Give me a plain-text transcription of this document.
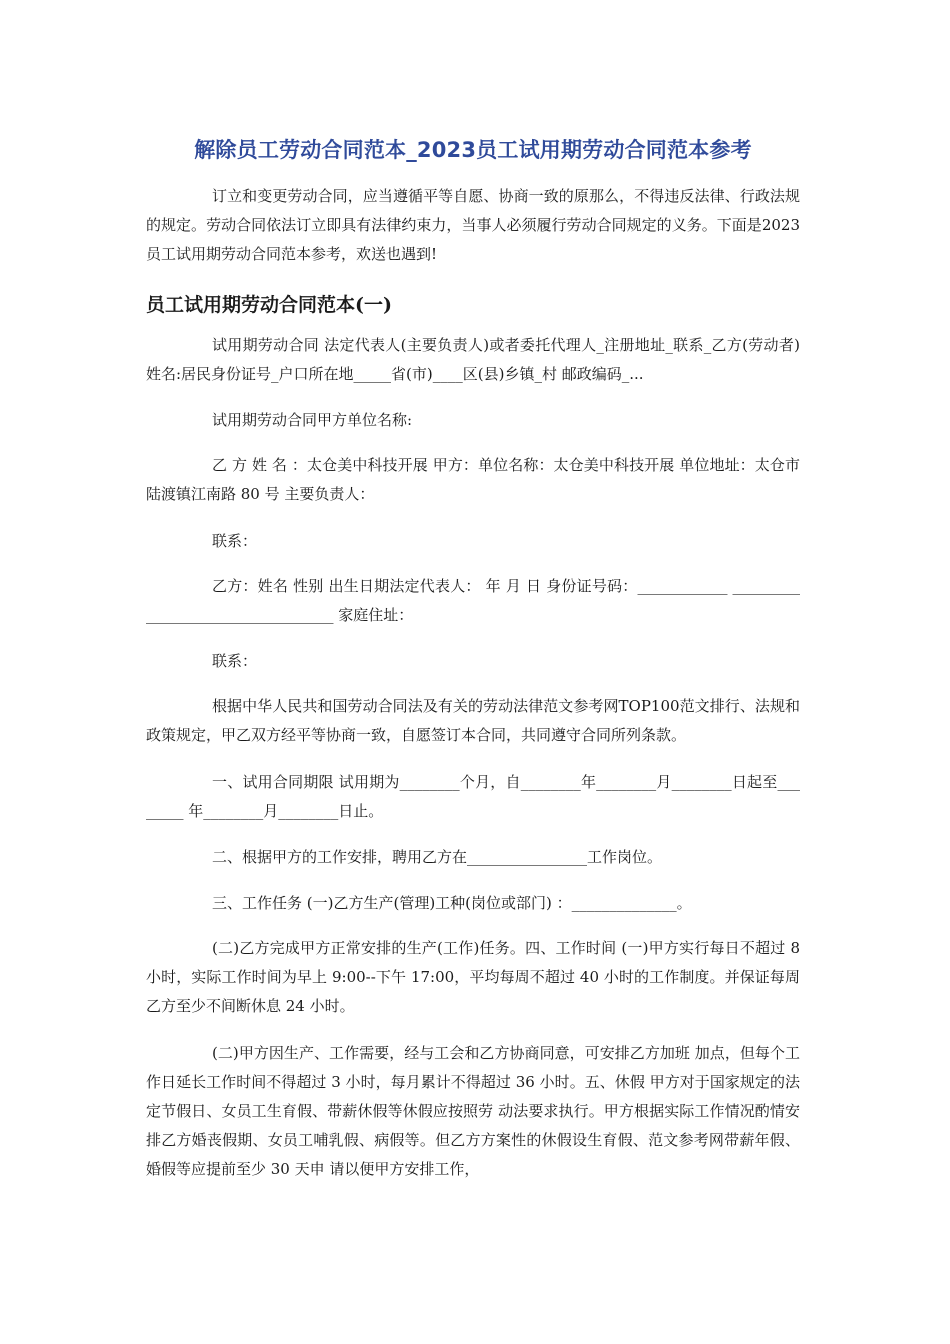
解除员工劳动合同范本_2023员工试用期劳动合同范本参考

订立和变更劳动合同，应当遵循平等自愿、协商一致的原那么，不得违反法律、行政法规的规定。劳动合同依法订立即具有法律约束力，当事人必须履行劳动合同规定的义务。下面是2023员工试用期劳动合同范本参考，欢送也遇到!

员工试用期劳动合同范本(一)

试用期劳动合同 法定代表人(主要负责人)或者委托代理人_注册地址_联系_乙方(劳动者)姓名:居民身份证号_户口所在地_____省(市)____区(县)乡镇_村 邮政编码_...

试用期劳动合同甲方单位名称:

乙 方 姓 名 ：太仓美中科技开展 甲方：单位名称：太仓美中科技开展 单位地址：太仓市陆渡镇江南路 80 号 主要负责人：

联系：

乙方：姓名 性别 出生日期法定代表人： 年 月 日 身份证号码：____________ __________________________________ 家庭住址：

联系：

根据中华人民共和国劳动合同法及有关的劳动法律范文参考网TOP100范文排行、法规和政策规定，甲乙双方经平等协商一致，自愿签订本合同，共同遵守合同所列条款。

一、试用合同期限 试用期为________个月，自________年________月________日起至________ 年________月________日止。

二、根据甲方的工作安排，聘用乙方在________________工作岗位。

三、工作任务 (一)乙方生产(管理)工种(岗位或部门) ：______________。

(二)乙方完成甲方正常安排的生产(工作)任务。四、工作时间 (一)甲方实行每日不超过 8 小时，实际工作时间为早上 9:00--下午 17:00，平均每周不超过 40 小时的工作制度。并保证每周乙方至少不间断休息 24 小时。

(二)甲方因生产、工作需要，经与工会和乙方协商同意，可安排乙方加班 加点，但每个工作日延长工作时间不得超过 3 小时，每月累计不得超过 36 小时。五、休假 甲方对于国家规定的法定节假日、女员工生育假、带薪休假等休假应按照劳 动法要求执行。甲方根据实际工作情况酌情安排乙方婚丧假期、女员工哺乳假、病假等。但乙方方案性的休假设生育假、范文参考网带薪年假、婚假等应提前至少 30 天申 请以便甲方安排工作，
